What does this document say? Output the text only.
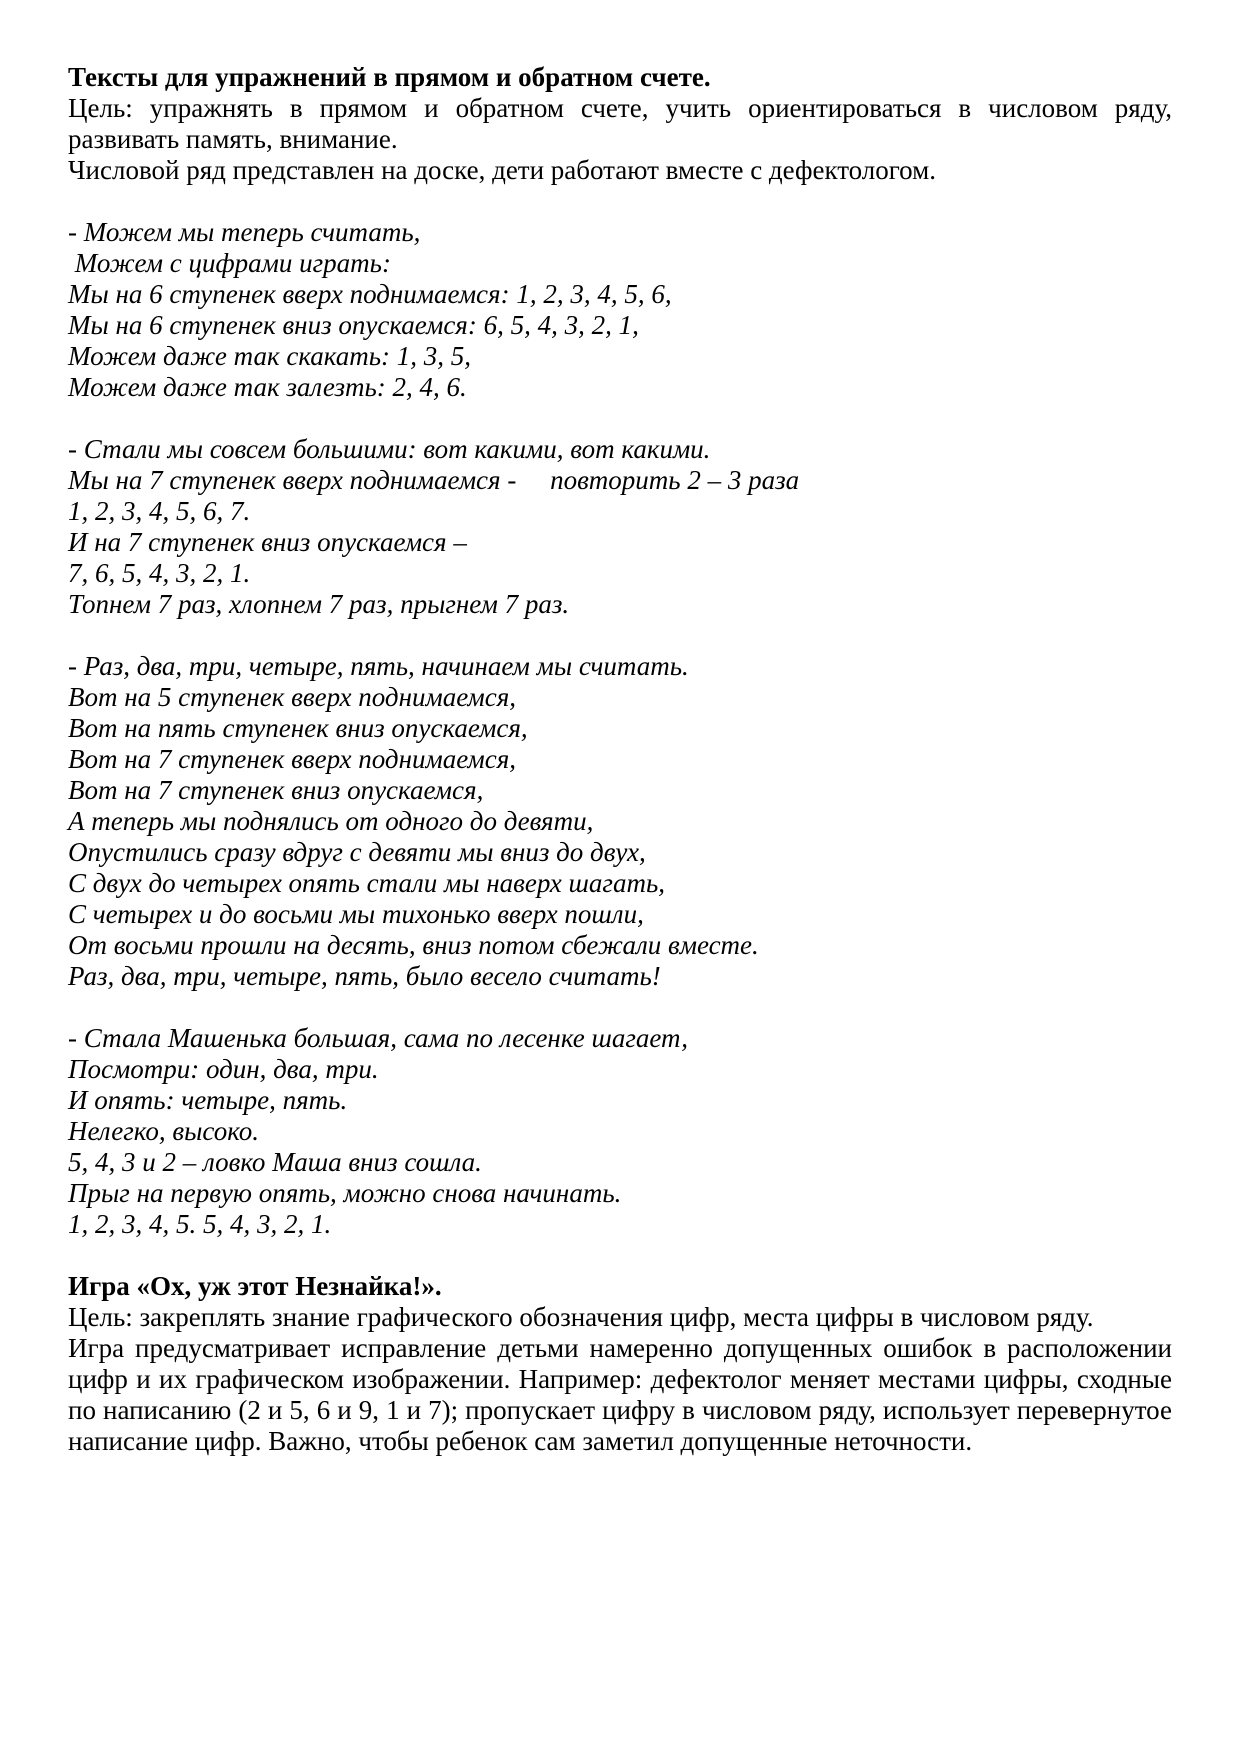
Тексты для упражнений в прямом и обратном счете.
Цель: упражнять в прямом и обратном счете, учить ориентироваться в числовом ряду, развивать память, внимание.
Числовой ряд представлен на доске, дети работают вместе с дефектологом.
- Можем мы теперь считать,
Можем с цифрами играть:
Мы на 6 ступенек вверх поднимаемся: 1, 2, 3, 4, 5, 6,
Мы на 6 ступенек вниз опускаемся: 6, 5, 4, 3, 2, 1,
Можем даже так скакать: 1, 3, 5,
Можем даже так залезть: 2, 4, 6.
- Стали мы совсем большими: вот какими, вот какими.
Мы на 7 ступенек вверх поднимаемся -     повторить 2 – 3 раза
1, 2, 3, 4, 5, 6, 7.
И на 7 ступенек вниз опускаемся –
7, 6, 5, 4, 3, 2, 1.
Топнем 7 раз, хлопнем 7 раз, прыгнем 7 раз.
- Раз, два, три, четыре, пять, начинаем мы считать.
Вот на 5 ступенек вверх поднимаемся,
Вот на пять ступенек вниз опускаемся,
Вот на 7 ступенек вверх поднимаемся,
Вот на 7 ступенек вниз опускаемся,
А теперь мы поднялись от одного до девяти,
Опустились сразу вдруг с девяти мы вниз до двух,
С двух до четырех опять стали мы наверх шагать,
С четырех и до восьми мы тихонько вверх пошли,
От восьми прошли на десять, вниз потом сбежали вместе.
Раз, два, три, четыре, пять, было весело считать!
- Стала Машенька большая, сама по лесенке шагает,
Посмотри: один, два, три.
И опять: четыре, пять.
Нелегко, высоко.
5, 4, 3 и 2 – ловко Маша вниз сошла.
Прыг на первую опять, можно снова начинать.
1, 2, 3, 4, 5. 5, 4, 3, 2, 1.
Игра «Ох, уж этот Незнайка!».
Цель: закреплять знание графического обозначения цифр, места цифры в числовом ряду.
Игра предусматривает исправление детьми намеренно допущенных ошибок в расположении цифр и их графическом изображении. Например: дефектолог меняет местами цифры, сходные по написанию (2 и 5, 6 и 9, 1 и 7); пропускает цифру в числовом ряду, использует перевернутое написание цифр. Важно, чтобы ребенок сам заметил допущенные неточности.
